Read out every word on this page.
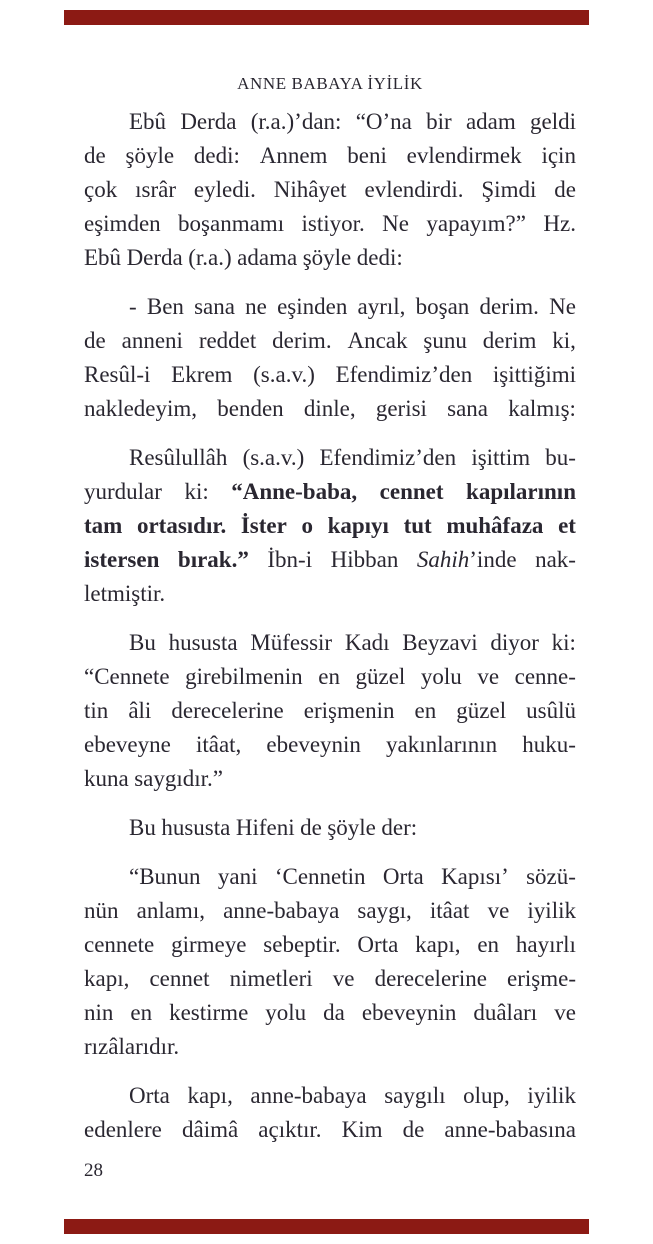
ANNE BABAYA İYİLİK
Ebû Derda (r.a.)’dan: “O’na bir adam geldi
de şöyle dedi: Annem beni evlendirmek için
çok ısrâr eyledi. Nihâyet evlendirdi. Şimdi de
eşimden boşanmamı istiyor. Ne yapayım?” Hz.
Ebû Derda (r.a.) adama şöyle dedi:
- Ben sana ne eşinden ayrıl, boşan derim. Ne
de anneni reddet derim. Ancak şunu derim ki,
Resûl-i Ekrem (s.a.v.) Efendimiz’den işittiğimi
nakledeyim, benden dinle, gerisi sana kalmış:
Resûlullâh (s.a.v.) Efendimiz’den işittim bu-
yurdular ki: “Anne-baba, cennet kapılarının
tam ortasıdır. İster o kapıyı tut muhâfaza et
istersen bırak.” İbn-i Hibban Sahih’inde nak-
letmiştir.
Bu hususta Müfessir Kadı Beyzavi diyor ki:
“Cennete girebilmenin en güzel yolu ve cenne-
tin âli derecelerine erişmenin en güzel usûlü
ebeveyne itâat, ebeveynin yakınlarının huku-
kuna saygıdır.”
Bu hususta Hifeni de şöyle der:
“Bunun yani ‘Cennetin Orta Kapısı’ sözü-
nün anlamı, anne-babaya saygı, itâat ve iyilik
cennete girmeye sebeptir. Orta kapı, en hayırlı
kapı, cennet nimetleri ve derecelerine erişme-
nin en kestirme yolu da ebeveynin duâları ve
rızâlarıdır.
Orta kapı, anne-babaya saygılı olup, iyilik
edenlere dâimâ açıktır. Kim de anne-babasına
28
